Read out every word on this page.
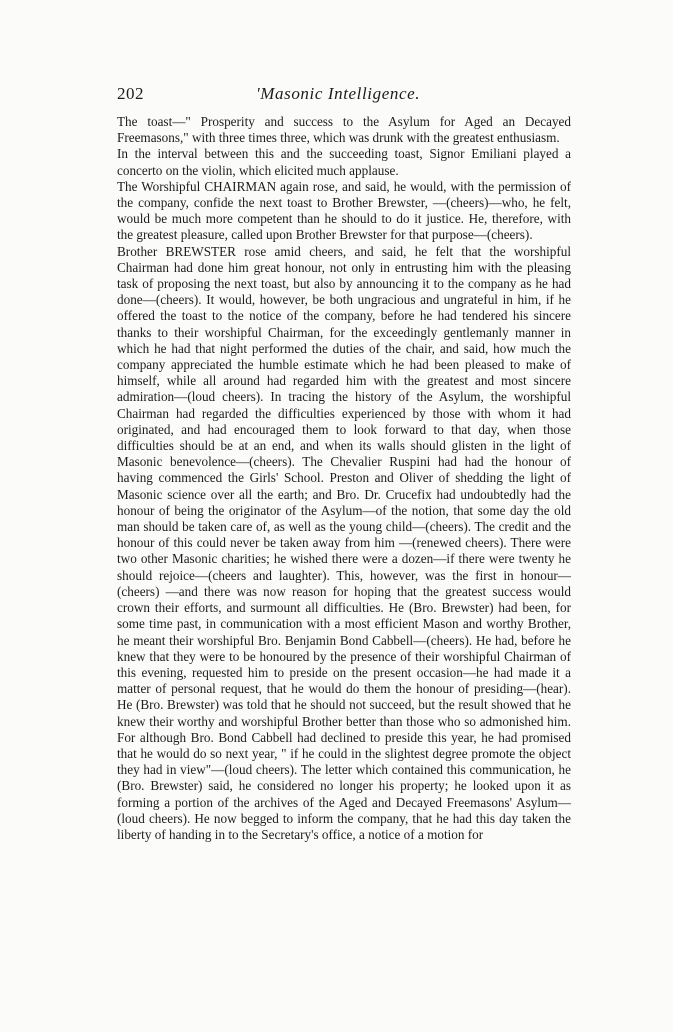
202	'Masonic Intelligence.

The toast—" Prosperity and success to the Asylum for Aged an Decayed Freemasons," with three times three, which was drunk with the greatest enthusiasm.

In the interval between this and the succeeding toast, Signor Emiliani played a concerto on the violin, which elicited much applause.

The Worshipful CHAIRMAN again rose, and said, he would, with the permission of the company, confide the next toast to Brother Brewster, —(cheers)—who, he felt, would be much more competent than he should to do it justice. He, therefore, with the greatest pleasure, called upon Brother Brewster for that purpose—(cheers).

Brother BREWSTER rose amid cheers, and said, he felt that the worshipful Chairman had done him great honour, not only in entrusting him with the pleasing task of proposing the next toast, but also by announcing it to the company as he had done—(cheers). It would, however, be both ungracious and ungrateful in him, if he offered the toast to the notice of the company, before he had tendered his sincere thanks to their worshipful Chairman, for the exceedingly gentlemanly manner in which he had that night performed the duties of the chair, and said, how much the company appreciated the humble estimate which he had been pleased to make of himself, while all around had regarded him with the greatest and most sincere admiration—(loud cheers). In tracing the history of the Asylum, the worshipful Chairman had regarded the difficulties experienced by those with whom it had originated, and had encouraged them to look forward to that day, when those difficulties should be at an end, and when its walls should glisten in the light of Masonic benevolence—(cheers). The Chevalier Ruspini had had the honour of having commenced the Girls' School. Preston and Oliver of shedding the light of Masonic science over all the earth; and Bro. Dr. Crucefix had undoubtedly had the honour of being the originator of the Asylum—of the notion, that some day the old man should be taken care of, as well as the young child—(cheers). The credit and the honour of this could never be taken away from him —(renewed cheers). There were two other Masonic charities; he wished there were a dozen—if there were twenty he should rejoice—(cheers and laughter). This, however, was the first in honour—(cheers) —and there was now reason for hoping that the greatest success would crown their efforts, and surmount all difficulties. He (Bro. Brewster) had been, for some time past, in communication with a most efficient Mason and worthy Brother, he meant their worshipful Bro. Benjamin Bond Cabbell—(cheers). He had, before he knew that they were to be honoured by the presence of their worshipful Chairman of this evening, requested him to preside on the present occasion—he had made it a matter of personal request, that he would do them the honour of presiding—(hear). He (Bro. Brewster) was told that he should not succeed, but the result showed that he knew their worthy and worshipful Brother better than those who so admonished him. For although Bro. Bond Cabbell had declined to preside this year, he had promised that he would do so next year, " if he could in the slightest degree promote the object they had in view"—(loud cheers). The letter which contained this communication, he (Bro. Brewster) said, he considered no longer his property; he looked upon it as forming a portion of the archives of the Aged and Decayed Freemasons' Asylum—(loud cheers). He now begged to inform the company, that he had this day taken the liberty of handing in to the Secretary's office, a notice of a motion for
